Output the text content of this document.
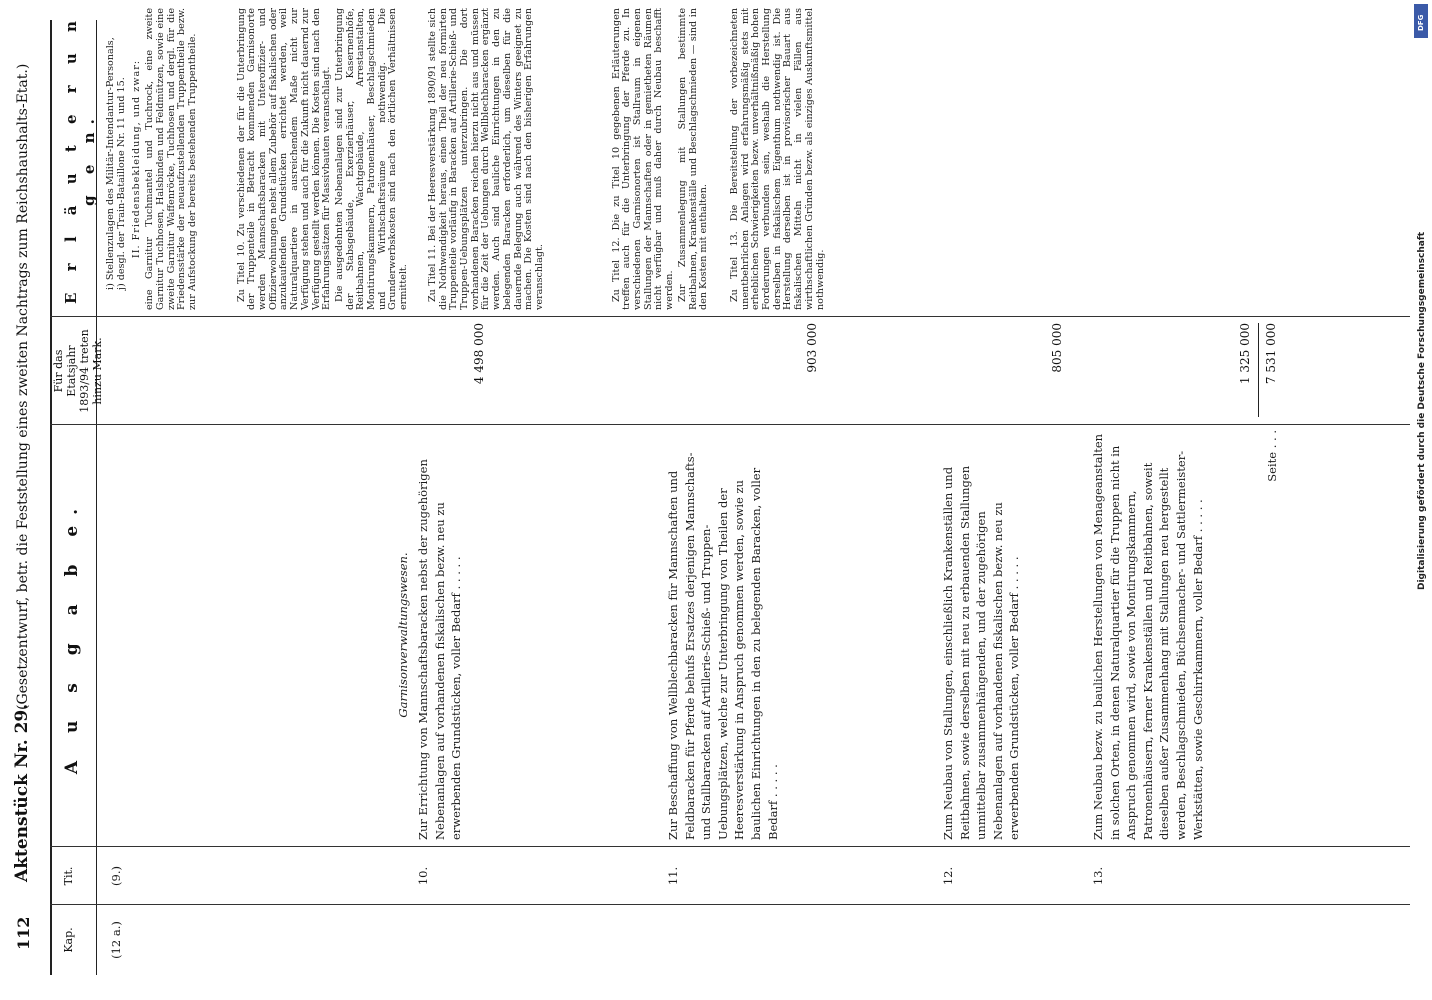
112
Aktenstück Nr. 29.
(Gesetzentwurf, betr. die Feststellung eines zweiten Nachtrags zum Reichshaushalts-Etat.)
Kap.
Tit.
A u s g a b e.
Für das Etatsjahr 1893/94 treten hinzu Mark.
E r l ä u t e r u n g e n.
(12 a.)
(9.)
Garnisonverwaltungswesen.
10.
Zur Errichtung von Mannschaftsbaracken nebst der zugehörigen Nebenanlagen auf vorhandenen fiskalischen bezw. neu zu erwerbenden Grundstücken, voller Bedarf . . . . .
4 498 000
11.
Zur Beschaffung von Wellblechbaracken für Mannschaften und Feldbaracken für Pferde behufs Ersatzes derjenigen Mannschafts- und Stallbaracken auf Artillerie-Schieß- und Truppen-Uebungsplätzen, welche zur Unterbringung von Theilen der Heeresverstärkung in Anspruch genommen werden, sowie zu baulichen Einrichtungen in den zu belegenden Baracken, voller Bedarf . . . . .
903 000
12.
Zum Neubau von Stallungen, einschließlich Krankenställen und Reitbahnen, sowie derselben mit neu zu erbauenden Stallungen unmittelbar zusammenhängenden, und der zugehörigen Nebenanlagen auf vorhandenen fiskalischen bezw. neu zu erwerbenden Grundstücken, voller Bedarf . . . . .
805 000
13.
Zum Neubau bezw. zu baulichen Herstellungen von Menageanstalten in solchen Orten, in denen Naturalquartier für die Truppen nicht in Anspruch genommen wird, sowie von Montirungskammern, Patronenhäusern, ferner Krankenställen und Reitbahnen, soweit dieselben außer Zusammenhang mit Stallungen neu hergestellt werden, Beschlagschmieden, Büchsenmacher- und Sattlermeister-Werkstätten, sowie Geschirrkammern, voller Bedarf . . . . .
1 325 000
Seite . . .
7 531 000
i) Stellenzulagen des Militär-Intendantur-Personals, j) desgl. der Train-Bataillone Nr. 11 und 15. II. Friedensbekleidung, und zwar: eine Garnitur Tuchmantel und Tuchrock, eine zweite Garnitur Tuchhosen, Halsbinden und Feldmützen, sowie eine zweite Garnitur Waffenröcke, Tuchhosen und dergl. für die Friedensstärke der neuaufzustellenden Truppentheile bezw. zur Aufstockung der bereits bestehenden Truppentheile.	Zu Titel 10. Zu verschiedenen der für die Unterbringung der Truppenteile in Betracht kommenden Garnisonorte werden Mannschaftsbaracken mit Unteroffizier- und Offizierwohnungen nebst allem Zubehör auf fiskalischen oder anzukaufenden Grundstücken errichtet werden, weil Naturalquartiere in ausreichendem Maße nicht zur Verfügung stehen und auch für die Zukunft nicht dauernd zur Verfügung gestellt werden können. Die Kosten sind nach den Erfahrungssätzen für Massivbauten veranschlagt. Die ausgedehnten Nebenanlagen sind zur Unterbringung der Stabsgebäude, Exerzierhäuser, Kasernenhöfe, Reitbahnen, Wachtgebäude, Arrestanstalten, Montirungskammern, Patronenhäuser, Beschlagschmieden und Wirthschaftsräume nothwendig. Die Grunderwerbskosten sind nach den örtlichen Verhältnissen ermittelt. Zu Titel 11. Bei der Heeresverstärkung 1890/91 stellte sich die Nothwendigkeit heraus, einen Theil der neu formirten Truppenteile vorläufig in Baracken auf Artillerie-Schieß- und Truppen-Uebungsplätzen unterzubringen. Die dort vorhandenen Baracken reichen hierzu nicht aus und müssen für die Zeit der Uebungen durch Wellblechbaracken ergänzt werden. Auch sind bauliche Einrichtungen in den zu belegenden Baracken erforderlich, um dieselben für die dauernde Belegung auch während des Winters geeignet zu machen. Die Kosten sind nach den bisherigen Erfahrungen veranschlagt.	Zu Titel 12. Die zu Titel 10 gegebenen Erläuterungen treffen auch für die Unterbringung der Pferde zu. In verschiedenen Garnisonorten ist Stallraum in eigenen Stallungen der Mannschaften oder in gemietheten Räumen nicht verfügbar und muß daher durch Neubau beschafft werden. Zur Zusammenlegung mit Stallungen bestimmte Reitbahnen, Krankenställe und Beschlagschmieden — sind in den Kosten mit enthalten. Zu Titel 13. Die Bereitstellung der vorbezeichneten unentbehrlichen Anlagen wird erfahrungsmäßig stets mit erheblichen Schwierigkeiten bezw. unverhältnißmäßig hohen Forderungen verbunden sein, weshalb die Herstellung derselben in fiskalischem Eigenthum nothwendig ist. Die Herstellung derselben ist in provisorischer Bauart aus fiskalischen Mitteln nicht in vielen Fällen aus wirthschaftlichen Gründen bezw. als einziges Auskunftsmittel nothwendig.
DFG
Digitalisierung gefördert durch die Deutsche Forschungsgemeinschaft
